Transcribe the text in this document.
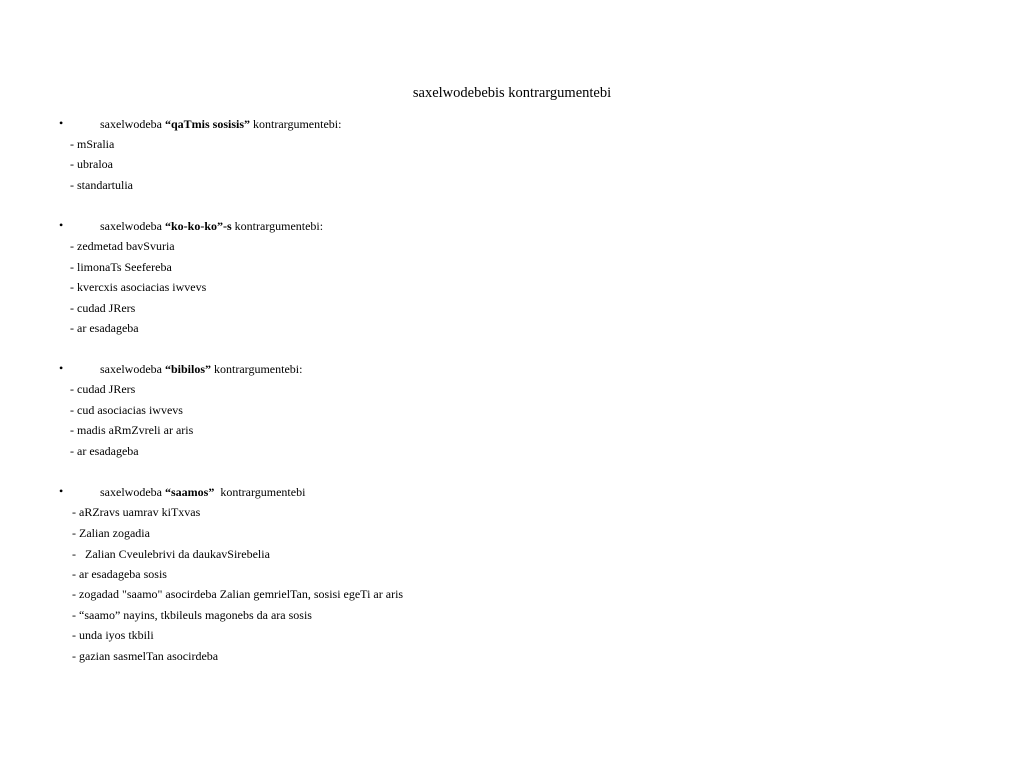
saxelwodebebis kontrargumentebi
•	saxelwodeba “qaTmis sosisis” kontrargumentebi:
- mSralia
- ubraloa
- standartulia
•	saxelwodeba “ko-ko-ko”-s kontrargumentebi:
- zedmetad bavSvuria
- limonaTs Seefereba
- kvercxis asociacias iwvevs
- cudad JRers
- ar esadageba
•	saxelwodeba “bibilos” kontrargumentebi:
- cudad JRers
- cud asociacias iwvevs
- madis aRmZvreli ar aris
- ar esadageba
•	saxelwodeba “saamos”  kontrargumentebi
- aRZravs uamrav kiTxvas
- Zalian zogadia
-   Zalian Cveulebrivi da daukavSirebelia
- ar esadageba sosis
- zogadad "saamo" asocirdeba Zalian gemrielTan, sosisi egeTi ar aris
- “saamo” nayins, tkbileuls magonebs da ara sosis
- unda iyos tkbili
- gazian sasmelTan asocirdeba
